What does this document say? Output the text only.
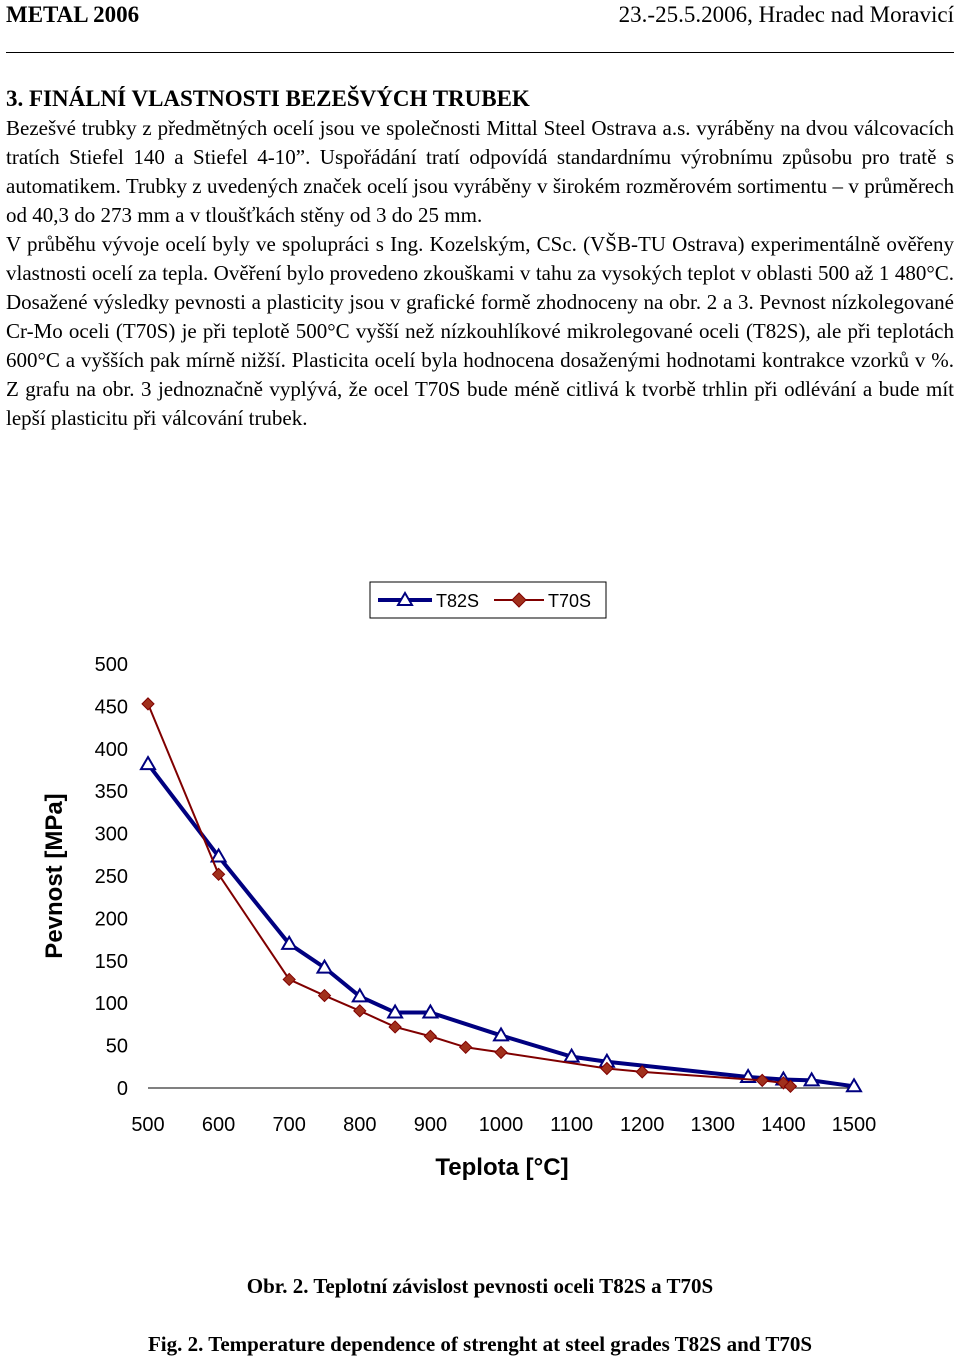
METAL 2006	23.-25.5.2006, Hradec nad Moravicí
3. FINÁLNÍ VLASTNOSTI BEZEŠVÝCH TRUBEK

Bezešvé trubky z předmětných ocelí jsou ve společnosti Mittal Steel Ostrava a.s. vyráběny na dvou válcovacích tratích Stiefel 140 a Stiefel 4-10”. Uspořádání tratí odpovídá standardnímu výrobnímu způsobu pro tratě s automatikem. Trubky z uvedených značek ocelí jsou vyráběny v širokém rozměrovém sortimentu – v průměrech od 40,3 do 273 mm a v tloušťkách stěny od 3 do 25 mm.

V průběhu vývoje ocelí byly ve spolupráci s Ing. Kozelským, CSc. (VŠB-TU Ostrava) experimentálně ověřeny vlastnosti ocelí za tepla. Ověření bylo provedeno zkouškami v tahu za vysokých teplot v oblasti 500 až 1 480°C. Dosažené výsledky pevnosti a plasticity jsou v grafické formě zhodnoceny na obr. 2 a 3. Pevnost nízkolegované Cr-Mo oceli (T70S) je při teplotě 500°C vyšší než nízkouhlíkové mikrolegované oceli (T82S), ale při teplotách 600°C a vyšších pak mírně nižší. Plasticita ocelí byla hodnocena dosaženými hodnotami kontrakce vzorků v %. Z grafu na obr. 3 jednoznačně vyplývá, že ocel T70S bude méně citlivá k tvorbě trhlin při odlévání a bude mít lepší plasticitu při válcování trubek.

T82S	T70S
0
50
100
150
200
250
300
350
400
450
500
500 600 700 800 900 1000 1100 1200 1300 1400 1500
Pevnost [MPa]
Teplota [°C]
Obr. 2. Teplotní závislost pevnosti oceli T82S a T70S
Fig. 2. Temperature dependence of strenght at steel grades T82S and T70S
